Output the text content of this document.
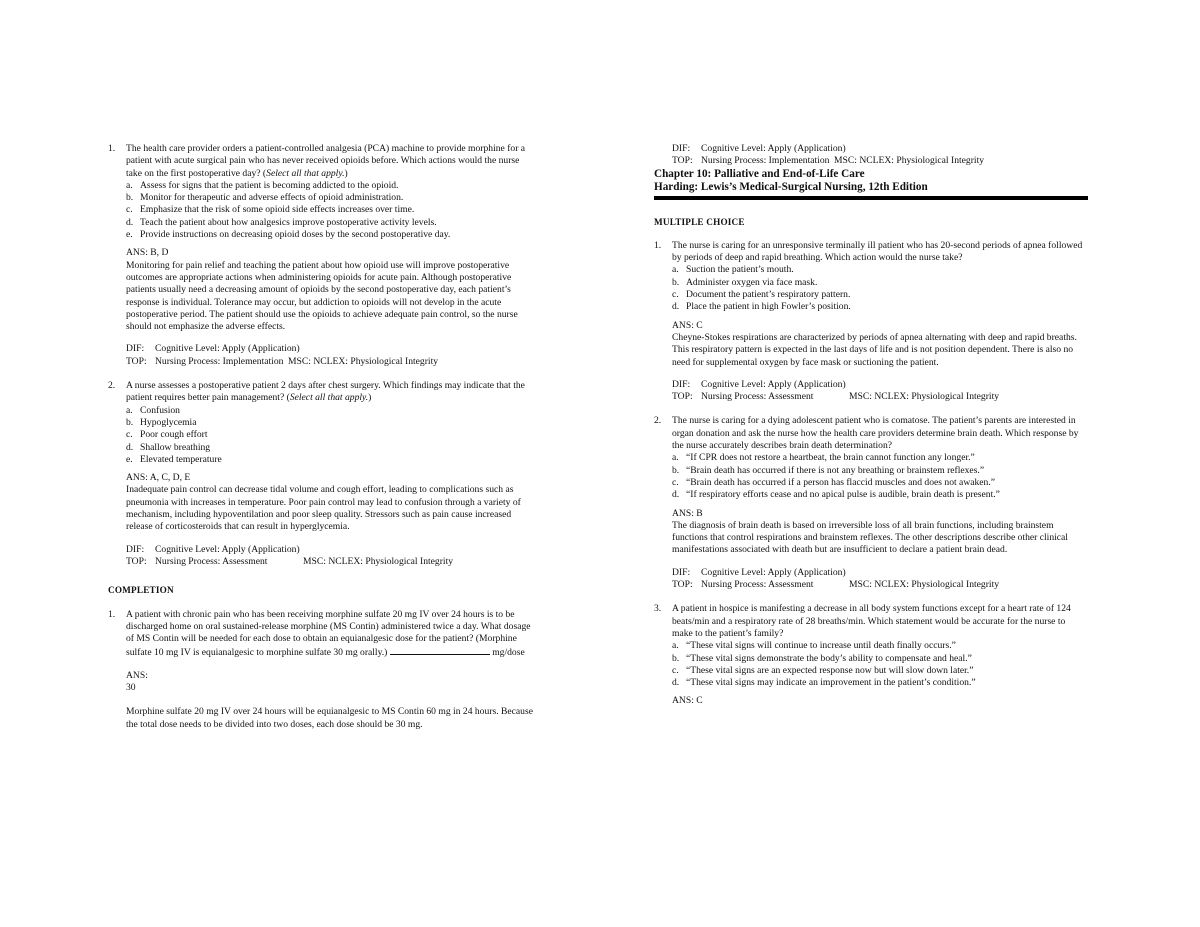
1.	The health care provider orders a patient-controlled analgesia (PCA) machine to provide morphine for a patient with acute surgical pain who has never received opioids before. Which actions would the nurse take on the first postoperative day? (Select all that apply.)
a. Assess for signs that the patient is becoming addicted to the opioid.
b. Monitor for therapeutic and adverse effects of opioid administration.
c. Emphasize that the risk of some opioid side effects increases over time.
d. Teach the patient about how analgesics improve postoperative activity levels.
e. Provide instructions on decreasing opioid doses by the second postoperative day.
ANS: B, D
Monitoring for pain relief and teaching the patient about how opioid use will improve postoperative outcomes are appropriate actions when administering opioids for acute pain. Although postoperative patients usually need a decreasing amount of opioids by the second postoperative day, each patient’s response is individual. Tolerance may occur, but addiction to opioids will not develop in the acute postoperative period. The patient should use the opioids to achieve adequate pain control, so the nurse should not emphasize the adverse effects.
DIF:	Cognitive Level: Apply (Application)
TOP: Nursing Process: Implementation MSC: NCLEX: Physiological Integrity
2.	A nurse assesses a postoperative patient 2 days after chest surgery. Which findings may indicate that the patient requires better pain management? (Select all that apply.)
a. Confusion
b. Hypoglycemia
c. Poor cough effort
d. Shallow breathing
e. Elevated temperature
ANS: A, C, D, E
Inadequate pain control can decrease tidal volume and cough effort, leading to complications such as pneumonia with increases in temperature. Poor pain control may lead to confusion through a variety of mechanism, including hypoventilation and poor sleep quality. Stressors such as pain cause increased release of corticosteroids that can result in hyperglycemia.
DIF:	Cognitive Level: Apply (Application)
TOP: Nursing Process: Assessment	MSC: NCLEX: Physiological Integrity
COMPLETION
1.	A patient with chronic pain who has been receiving morphine sulfate 20 mg IV over 24 hours is to be discharged home on oral sustained-release morphine (MS Contin) administered twice a day. What dosage of MS Contin will be needed for each dose to obtain an equianalgesic dose for the patient? (Morphine sulfate 10 mg IV is equianalgesic to morphine sulfate 30 mg orally.)	mg/dose
ANS:
30
Morphine sulfate 20 mg IV over 24 hours will be equianalgesic to MS Contin 60 mg in 24 hours. Because the total dose needs to be divided into two doses, each dose should be 30 mg.
DIF:	Cognitive Level: Apply (Application)
TOP: Nursing Process: Implementation MSC: NCLEX: Physiological Integrity
Chapter 10: Palliative and End-of-Life Care
Harding: Lewis’s Medical-Surgical Nursing, 12th Edition
MULTIPLE CHOICE
1.	The nurse is caring for an unresponsive terminally ill patient who has 20-second periods of apnea followed by periods of deep and rapid breathing. Which action would the nurse take?
a. Suction the patient’s mouth.
b. Administer oxygen via face mask.
c. Document the patient’s respiratory pattern.
d. Place the patient in high Fowler’s position.
ANS: C
Cheyne-Stokes respirations are characterized by periods of apnea alternating with deep and rapid breaths. This respiratory pattern is expected in the last days of life and is not position dependent. There is also no need for supplemental oxygen by face mask or suctioning the patient.
DIF:	Cognitive Level: Apply (Application)
TOP: Nursing Process: Assessment	MSC: NCLEX: Physiological Integrity
2.	The nurse is caring for a dying adolescent patient who is comatose. The patient’s parents are interested in organ donation and ask the nurse how the health care providers determine brain death. Which response by the nurse accurately describes brain death determination?
a. “If CPR does not restore a heartbeat, the brain cannot function any longer.”
b. “Brain death has occurred if there is not any breathing or brainstem reflexes.”
c. “Brain death has occurred if a person has flaccid muscles and does not awaken.”
d. “If respiratory efforts cease and no apical pulse is audible, brain death is present.”
ANS: B
The diagnosis of brain death is based on irreversible loss of all brain functions, including brainstem functions that control respirations and brainstem reflexes. The other descriptions describe other clinical manifestations associated with death but are insufficient to declare a patient brain dead.
DIF:	Cognitive Level: Apply (Application)
TOP: Nursing Process: Assessment	MSC: NCLEX: Physiological Integrity
3.	A patient in hospice is manifesting a decrease in all body system functions except for a heart rate of 124 beats/min and a respiratory rate of 28 breaths/min. Which statement would be accurate for the nurse to make to the patient’s family?
a. “These vital signs will continue to increase until death finally occurs.”
b. “These vital signs demonstrate the body’s ability to compensate and heal.”
c. “These vital signs are an expected response now but will slow down later.”
d. “These vital signs may indicate an improvement in the patient’s condition.”
ANS: C
